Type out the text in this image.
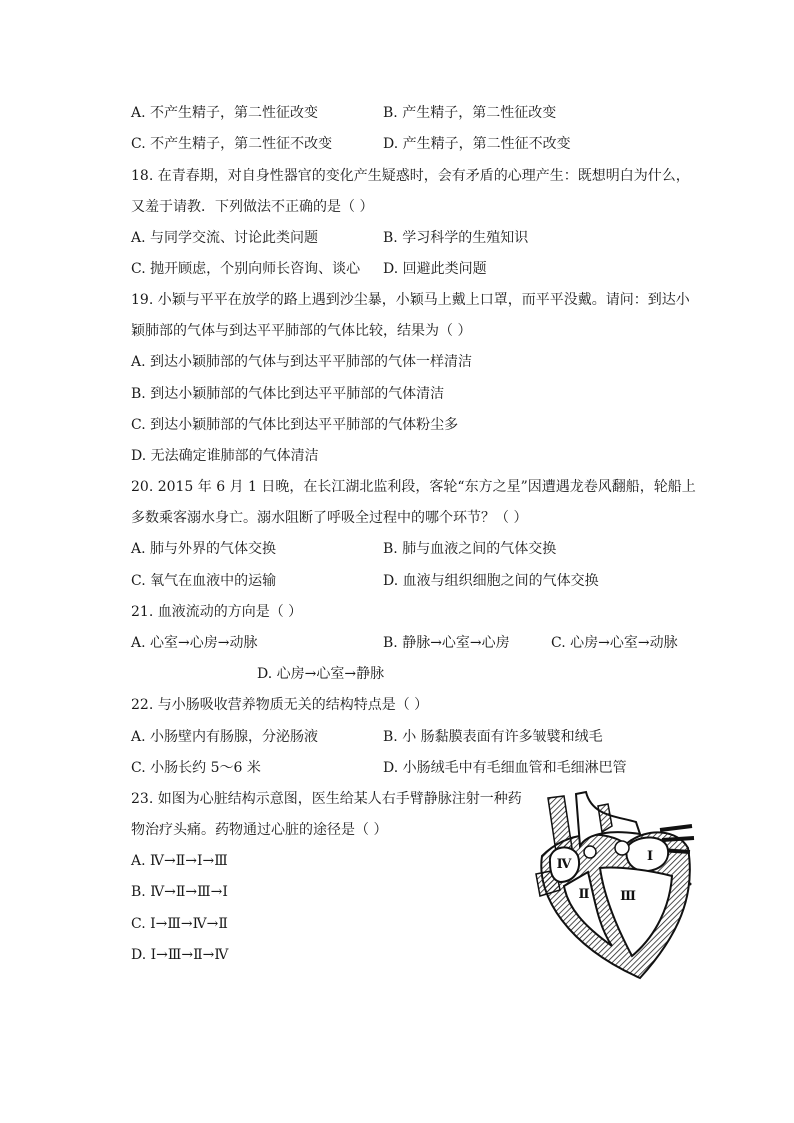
A. 不产生精子，第二性征改变	B. 产生精子，第二性征改变
C. 不产生精子，第二性征不改变	D. 产生精子，第二性征不改变
18. 在青春期，对自身性器官的变化产生疑惑时，会有矛盾的心理产生：既想明白为什么，
又羞于请教．下列做法不正确的是（ ）
A. 与同学交流、讨论此类问题	B. 学习科学的生殖知识
C. 抛开顾虑，个别向师长咨询、谈心 D. 回避此类问题
19. 小颖与平平在放学的路上遇到沙尘暴，小颖马上戴上口罩，而平平没戴。请问：到达小
颖肺部的气体与到达平平肺部的气体比较，结果为（ ）
A. 到达小颖肺部的气体与到达平平肺部的气体一样清洁
B. 到达小颖肺部的气体比到达平平肺部的气体清洁
C. 到达小颖肺部的气体比到达平平肺部的气体粉尘多
D. 无法确定谁肺部的气体清洁
20. 2015 年 6 月 1 日晚，在长江湖北监利段，客轮“东方之星”因遭遇龙卷风翻船，轮船上
多数乘客溺水身亡。溺水阻断了呼吸全过程中的哪个环节？（ ）
A. 肺与外界的气体交换	B. 肺与血液之间的气体交换
C. 氧气在血液中的运输	D. 血液与组织细胞之间的气体交换
21. 血液流动的方向是（ ）
A. 心室→心房→动脉	B. 静脉→心室→心房	C. 心房→心室→动脉
D. 心房→心室→静脉
22. 与小肠吸收营养物质无关的结构特点是（ ）
A. 小肠壁内有肠腺，分泌肠液	B. 小 肠黏膜表面有许多皱襞和绒毛
C. 小肠长约 5～6 米	D. 小肠绒毛中有毛细血管和毛细淋巴管
23. 如图为心脏结构示意图，医生给某人右手臂静脉注射一种药
物治疗头痛。药物通过心脏的途径是（ ）
A. Ⅳ→Ⅱ→Ⅰ→Ⅲ
B. Ⅳ→Ⅱ→Ⅲ→Ⅰ
C. Ⅰ→Ⅲ→Ⅳ→Ⅱ
D. Ⅰ→Ⅲ→Ⅱ→Ⅳ
Ⅳ
Ⅱ
Ⅰ
Ⅲ
